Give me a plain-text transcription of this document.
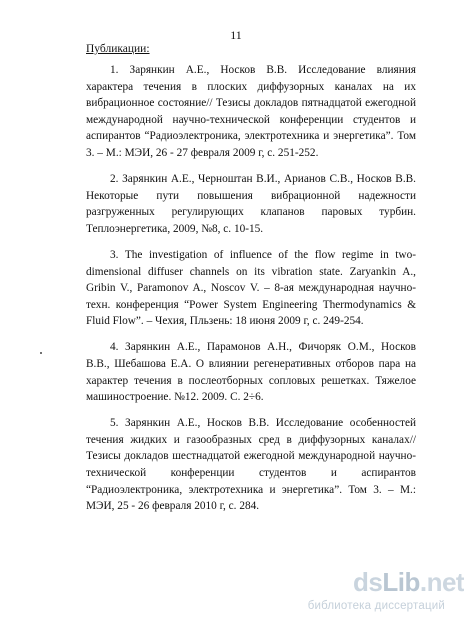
11
Публикации:

1. Зарянкин А.Е., Носков В.В. Исследование влияния характера течения в плоских диффузорных каналах на их вибрационное состояние// Тезисы докладов пятнадцатой ежегодной международной научно-технической конференции студентов и аспирантов “Радиоэлектроника, электротехника и энергетика”. Том 3. – М.: МЭИ, 26 - 27 февраля 2009 г, с. 251-252.

2. Зарянкин А.Е., Черноштан В.И., Арианов С.В., Носков В.В. Некоторые пути повышения вибрационной надежности разгруженных регулирующих клапанов паровых турбин. Теплоэнергетика, 2009, №8, с. 10-15.

3. The investigation of influence of the flow regime in two-dimensional diffuser channels on its vibration state. Zaryankin A., Gribin V., Paramonov A., Noscov V. – 8-ая международная научно-техн. конференция “Power System Engineering Thermodynamics & Fluid Flow”. – Чехия, Пльзень: 18 июня 2009 г, с. 249-254.

4. Зарянкин А.Е., Парамонов А.Н., Фичоряк О.М., Носков В.В., Шебашова Е.А. О влиянии регенеративных отборов пара на характер течения в послеотборных сопловых решетках. Тяжелое машиностроение. №12. 2009. С. 2÷6.

5. Зарянкин А.Е., Носков В.В. Исследование особенностей течения жидких и газообразных сред в диффузорных каналах// Тезисы докладов шестнадцатой ежегодной международной научно-технической конференции студентов и аспирантов “Радиоэлектроника, электротехника и энергетика”. Том 3. – М.: МЭИ, 25 - 26 февраля 2010 г, с. 284.

dsLib.net
библиотека диссертаций
